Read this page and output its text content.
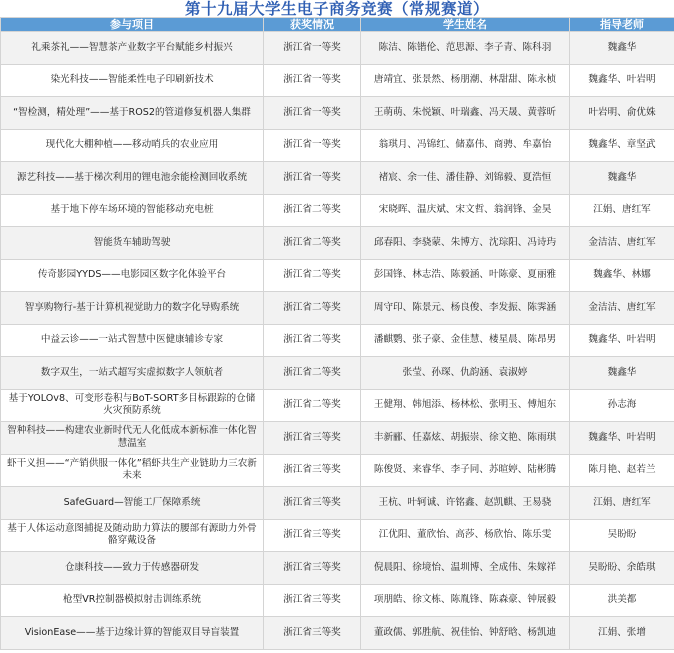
第十九届大学生电子商务竞赛（常规赛道）
参与项目	获奖情况	学生姓名	指导老师
礼乘茶礼——智慧茶产业数字平台赋能乡村振兴	浙江省一等奖	陈洁、陈锴伦、范思源、李子青、陈科羽	魏鑫华
染光科技——智能柔性电子印刷新技术	浙江省一等奖	唐靖宜、张景然、杨朋潮、林甜甜、陈永桢	魏鑫华、叶岩明
“智检测，精处理”——基于ROS2的管道修复机器人集群	浙江省一等奖	王萌萌、朱悦颖、叶瑞鑫、冯天晟、黄蓉昕	叶岩明、俞优姝
现代化大棚种植——移动哨兵的农业应用	浙江省一等奖	翁琪月、冯锦红、储嘉伟、商骋、牟嘉怡	魏鑫华、章坚武
源艺科技——基于梯次利用的锂电池余能检测回收系统	浙江省一等奖	褚宸、余一佳、潘佳静、刘锦毅、夏浩恒	魏鑫华
基于地下停车场环境的智能移动充电桩	浙江省二等奖	宋晓晖、温庆斌、宋文哲、翁润锋、金昊	江娟、唐红军
智能货车辅助驾驶	浙江省二等奖	邱春阳、李骁蒙、朱博方、沈琮阳、冯诗玙	金洁洁、唐红军
传奇影园YYDS——电影园区数字化体验平台	浙江省二等奖	彭国锋、林志浩、陈毅涵、叶陈豪、夏丽雅	魏鑫华、林娜
智享购物行-基于计算机视觉助力的数字化导购系统	浙江省二等奖	周守印、陈景元、杨良俊、李发振、陈霁涵	金洁洁、唐红军
中益云诊——一站式智慧中医健康辅诊专家	浙江省二等奖	潘麒鹦、张子豪、金佳慧、楼星晨、陈昂男	魏鑫华、叶岩明
数字双生，一站式超写实虚拟数字人领航者	浙江省二等奖	张莹、孙琛、仇韵涵、袁淑婷	魏鑫华
基于YOLOv8、可变形卷积与BoT-SORT多目标跟踪的仓储火灾预防系统	浙江省二等奖	王健翔、韩旭添、杨林松、张明玉、傅旭东	孙志海
智种科技——构建农业新时代无人化低成本新标准一体化智慧温室	浙江省三等奖	丰新郦、任嘉炫、胡振崇、徐文艳、陈雨琪	魏鑫华、叶岩明
虾干义担——“产销供服一体化”稻虾共生产业链助力三农新未来	浙江省三等奖	陈俊贤、来睿华、李子同、苏暄婷、陆彬腾	陈月艳、赵若兰
SafeGuard—智能工厂保障系统	浙江省三等奖	王杭、叶轲诚、许铭鑫、赵凯麒、王易骁	江娟、唐红军
基于人体运动意图捕捉及随动助力算法的腰部有源助力外骨骼穿戴设备	浙江省三等奖	江优阳、董欣怡、高莎、杨欣怡、陈乐雯	吴盼盼
仓康科技——致力于传感器研发	浙江省三等奖	倪晨阳、徐境怡、温圳博、全成伟、朱嫁祥	吴盼盼、余皓琪
枪型VR控制器模拟射击训练系统	浙江省三等奖	项朋皓、徐文栋、陈胤锋、陈森豪、钟展毅	洪美都
VisionEase——基于边缘计算的智能双目导盲装置	浙江省三等奖	董政儒、郭胜航、祝佳怡、钟舒晗、杨凯迪	江娟、张增
